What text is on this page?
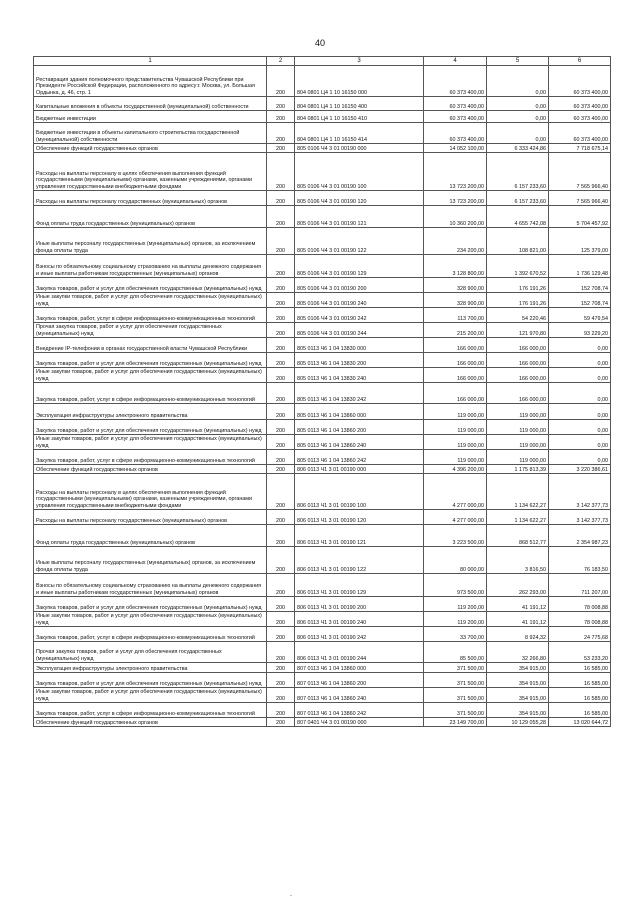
40
1	2	3	4	5	6
Реставрация здания полномочного представительства Чувашской Республики при Президенте Российской Федерации, расположенного по адресу:г. Москва, ул. Большая Ордынка, д. 46, стр. 1	200	804 0801 Ц4 1 10 16150 000	60 373 400,00	0,00	60 373 400,00
Капитальные вложения в объекты государственной (муниципальной) собственности	200	804 0801 Ц4 1 10 16150 400	60 373 400,00	0,00	60 373 400,00
Бюджетные инвестиции	200	804 0801 Ц4 1 10 16150 410	60 373 400,00	0,00	60 373 400,00
Бюджетные инвестиции в объекты капитального строительства государственной (муниципальной) собственности	200	804 0801 Ц4 1 10 16150 414	60 373 400,00	0,00	60 373 400,00
Обеспечение функций государственных органов	200	805 0106 Ч4 3 01 00190 000	14 052 100,00	6 333 424,86	7 718 675,14
Расходы на выплаты персоналу в целях обеспечения выполнения функций государственными (муниципальными) органами, казенными учреждениями, органами управления государственными внебюджетными фондами	200	805 0106 Ч4 3 01 00190 100	13 723 200,00	6 157 233,60	7 565 966,40
Расходы на выплаты персоналу государственных (муниципальных) органов	200	805 0106 Ч4 3 01 00190 120	13 723 200,00	6 157 233,60	7 565 966,40
Фонд оплаты труда государственных (муниципальных) органов	200	805 0106 Ч4 3 01 00190 121	10 360 200,00	4 655 742,08	5 704 457,92
Иные выплаты персоналу государственных (муниципальных) органов, за исключением фонда оплаты труда	200	805 0106 Ч4 3 01 00190 122	234 200,00	108 821,00	125 379,00
Взносы по обязательному социальному страхованию на выплаты денежного содержания и иные выплаты работникам государственных (муниципальных) органов	200	805 0106 Ч4 3 01 00190 129	3 128 800,00	1 392 670,52	1 736 129,48
Закупка товаров, работ и услуг для обеспечения государственных (муниципальных) нужд	200	805 0106 Ч4 3 01 00190 200	328 900,00	176 191,26	152 708,74
Иные закупки товаров, работ и услуг для обеспечения государственных (муниципальных) нужд	200	805 0106 Ч4 3 01 00190 240	328 900,00	176 191,26	152 708,74
Закупка товаров, работ, услуг в сфере информационно-коммуникационных технологий	200	805 0106 Ч4 3 01 00190 242	113 700,00	54 220,46	59 479,54
Прочая закупка товаров, работ и услуг для обеспечения государственных (муниципальных) нужд	200	805 0106 Ч4 3 01 00190 244	215 200,00	121 970,80	93 229,20
Внедрение IP-телефонии в органах государственной власти Чувашской Республики	200	805 0113 Ч6 1 04 13830 000	166 000,00	166 000,00	0,00
Закупка товаров, работ и услуг для обеспечения государственных (муниципальных) нужд	200	805 0113 Ч6 1 04 13830 200	166 000,00	166 000,00	0,00
Иные закупки товаров, работ и услуг для обеспечения государственных (муниципальных) нужд	200	805 0113 Ч6 1 04 13830 240	166 000,00	166 000,00	0,00
Закупка товаров, работ, услуг в сфере информационно-коммуникационных технологий	200	805 0113 Ч6 1 04 13830 242	166 000,00	166 000,00	0,00
Эксплуатация инфраструктуры электронного правительства	200	805 0113 Ч6 1 04 13860 000	119 000,00	119 000,00	0,00
Закупка товаров, работ и услуг для обеспечения государственных (муниципальных) нужд	200	805 0113 Ч6 1 04 13860 200	119 000,00	119 000,00	0,00
Иные закупки товаров, работ и услуг для обеспечения государственных (муниципальных) нужд	200	805 0113 Ч6 1 04 13860 240	119 000,00	119 000,00	0,00
Закупка товаров, работ, услуг в сфере информационно-коммуникационных технологий	200	805 0113 Ч6 1 04 13860 242	119 000,00	119 000,00	0,00
Обеспечение функций государственных органов	200	806 0113 Ч1 3 01 00190 000	4 396 200,00	1 175 813,39	3 220 386,61
Расходы на выплаты персоналу в целях обеспечения выполнения функций государственными (муниципальными) органами, казенными учреждениями, органами управления государственными внебюджетными фондами	200	806 0113 Ч1 3 01 00190 100	4 277 000,00	1 134 622,27	3 142 377,73
Расходы на выплаты персоналу государственных (муниципальных) органов	200	806 0113 Ч1 3 01 00190 120	4 277 000,00	1 134 622,27	3 142 377,73
Фонд оплаты труда государственных (муниципальных) органов	200	806 0113 Ч1 3 01 00190 121	3 223 500,00	868 512,77	2 354 987,23
Иные выплаты персоналу государственных (муниципальных) органов, за исключением фонда оплаты труда	200	806 0113 Ч1 3 01 00190 122	80 000,00	3 816,50	76 183,50
Взносы по обязательному социальному страхованию на выплаты денежного содержания и иные выплаты работникам государственных (муниципальных) органов	200	806 0113 Ч1 3 01 00190 129	973 500,00	262 293,00	711 207,00
Закупка товаров, работ и услуг для обеспечения государственных (муниципальных) нужд	200	806 0113 Ч1 3 01 00190 200	119 200,00	41 191,12	78 008,88
Иные закупки товаров, работ и услуг для обеспечения государственных (муниципальных) нужд	200	806 0113 Ч1 3 01 00190 240	119 200,00	41 191,12	78 008,88
Закупка товаров, работ, услуг в сфере информационно-коммуникационных технологий	200	806 0113 Ч1 3 01 00190 242	33 700,00	8 924,32	24 775,68
Прочая закупка товаров, работ и услуг для обеспечения государственных (муниципальных) нужд	200	806 0113 Ч1 3 01 00190 244	85 500,00	32 266,80	53 233,20
Эксплуатация инфраструктуры электронного правительства	200	807 0113 Ч6 1 04 13860 000	371 500,00	354 915,00	16 585,00
Закупка товаров, работ и услуг для обеспечения государственных (муниципальных) нужд	200	807 0113 Ч6 1 04 13860 200	371 500,00	354 915,00	16 585,00
Иные закупки товаров, работ и услуг для обеспечения государственных (муниципальных) нужд	200	807 0113 Ч6 1 04 13860 240	371 500,00	354 915,00	16 585,00
Закупка товаров, работ, услуг в сфере информационно-коммуникационных технологий	200	807 0113 Ч6 1 04 13860 242	371 500,00	354 915,00	16 585,00
Обеспечение функций государственных органов	200	807 0401 Ч4 3 01 00190 000	23 149 700,00	10 129 055,28	13 020 644,72
.
